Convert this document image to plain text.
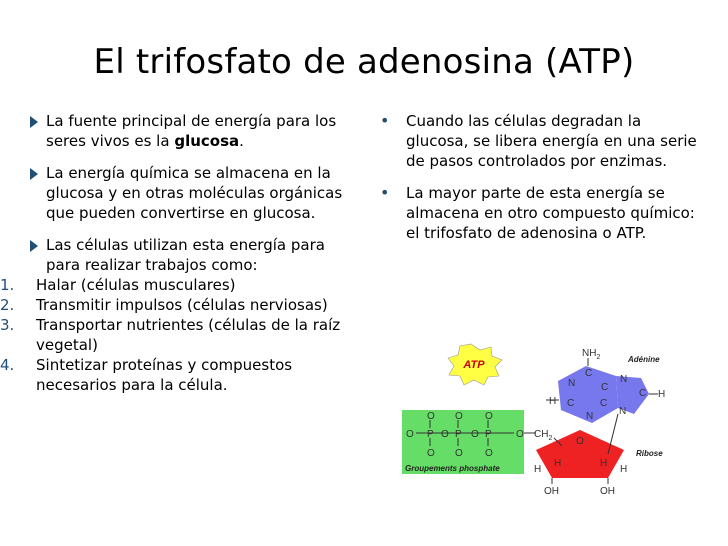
El trifosfato de adenosina (ATP)
La fuente principal de energía para los seres vivos es la glucosa.
La energía química se almacena en la glucosa y en otras moléculas orgánicas que pueden convertirse en glucosa.
Las células utilizan esta energía para para realizar trabajos como:
1. Halar (células musculares)
2. Transmitir impulsos (células nerviosas)
3. Transportar nutrientes (células de la raíz vegetal)
4. Sintetizar proteínas y compuestos necesarios para la célula.
• Cuando las células degradan la glucosa, se libera energía en una serie de pasos controlados por enzimas.
• La mayor parte de esta energía se almacena en otro compuesto químico: el trifosfato de adenosina o ATP.
ATP
O O O
O P O P O P O
O O O
Groupements phosphate
$CH_2$ O
H	H
H	H
OH	OH
Ribose
$NH_2$
C
N	N
C
C H
C
H	C
N	N
Adénine
